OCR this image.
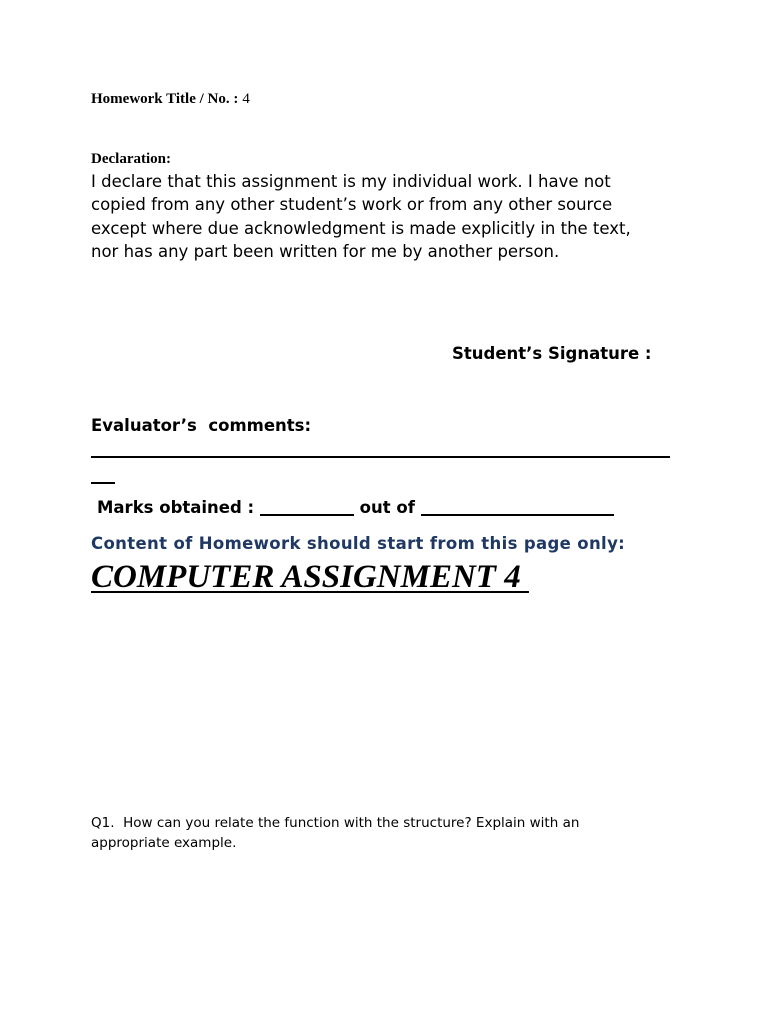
Homework Title / No. : 4

Declaration:

I declare that this assignment is my individual work. I have not
copied from any other student’s work or from any other source
except where due acknowledgment is made explicitly in the text,
nor has any part been written for me by another person.

Student’s Signature :

Evaluator’s  comments:

Marks obtained :	out of

Content of Homework should start from this page only:

COMPUTER ASSIGNMENT 4
Q1.  How can you relate the function with the structure? Explain with an
appropriate example.
